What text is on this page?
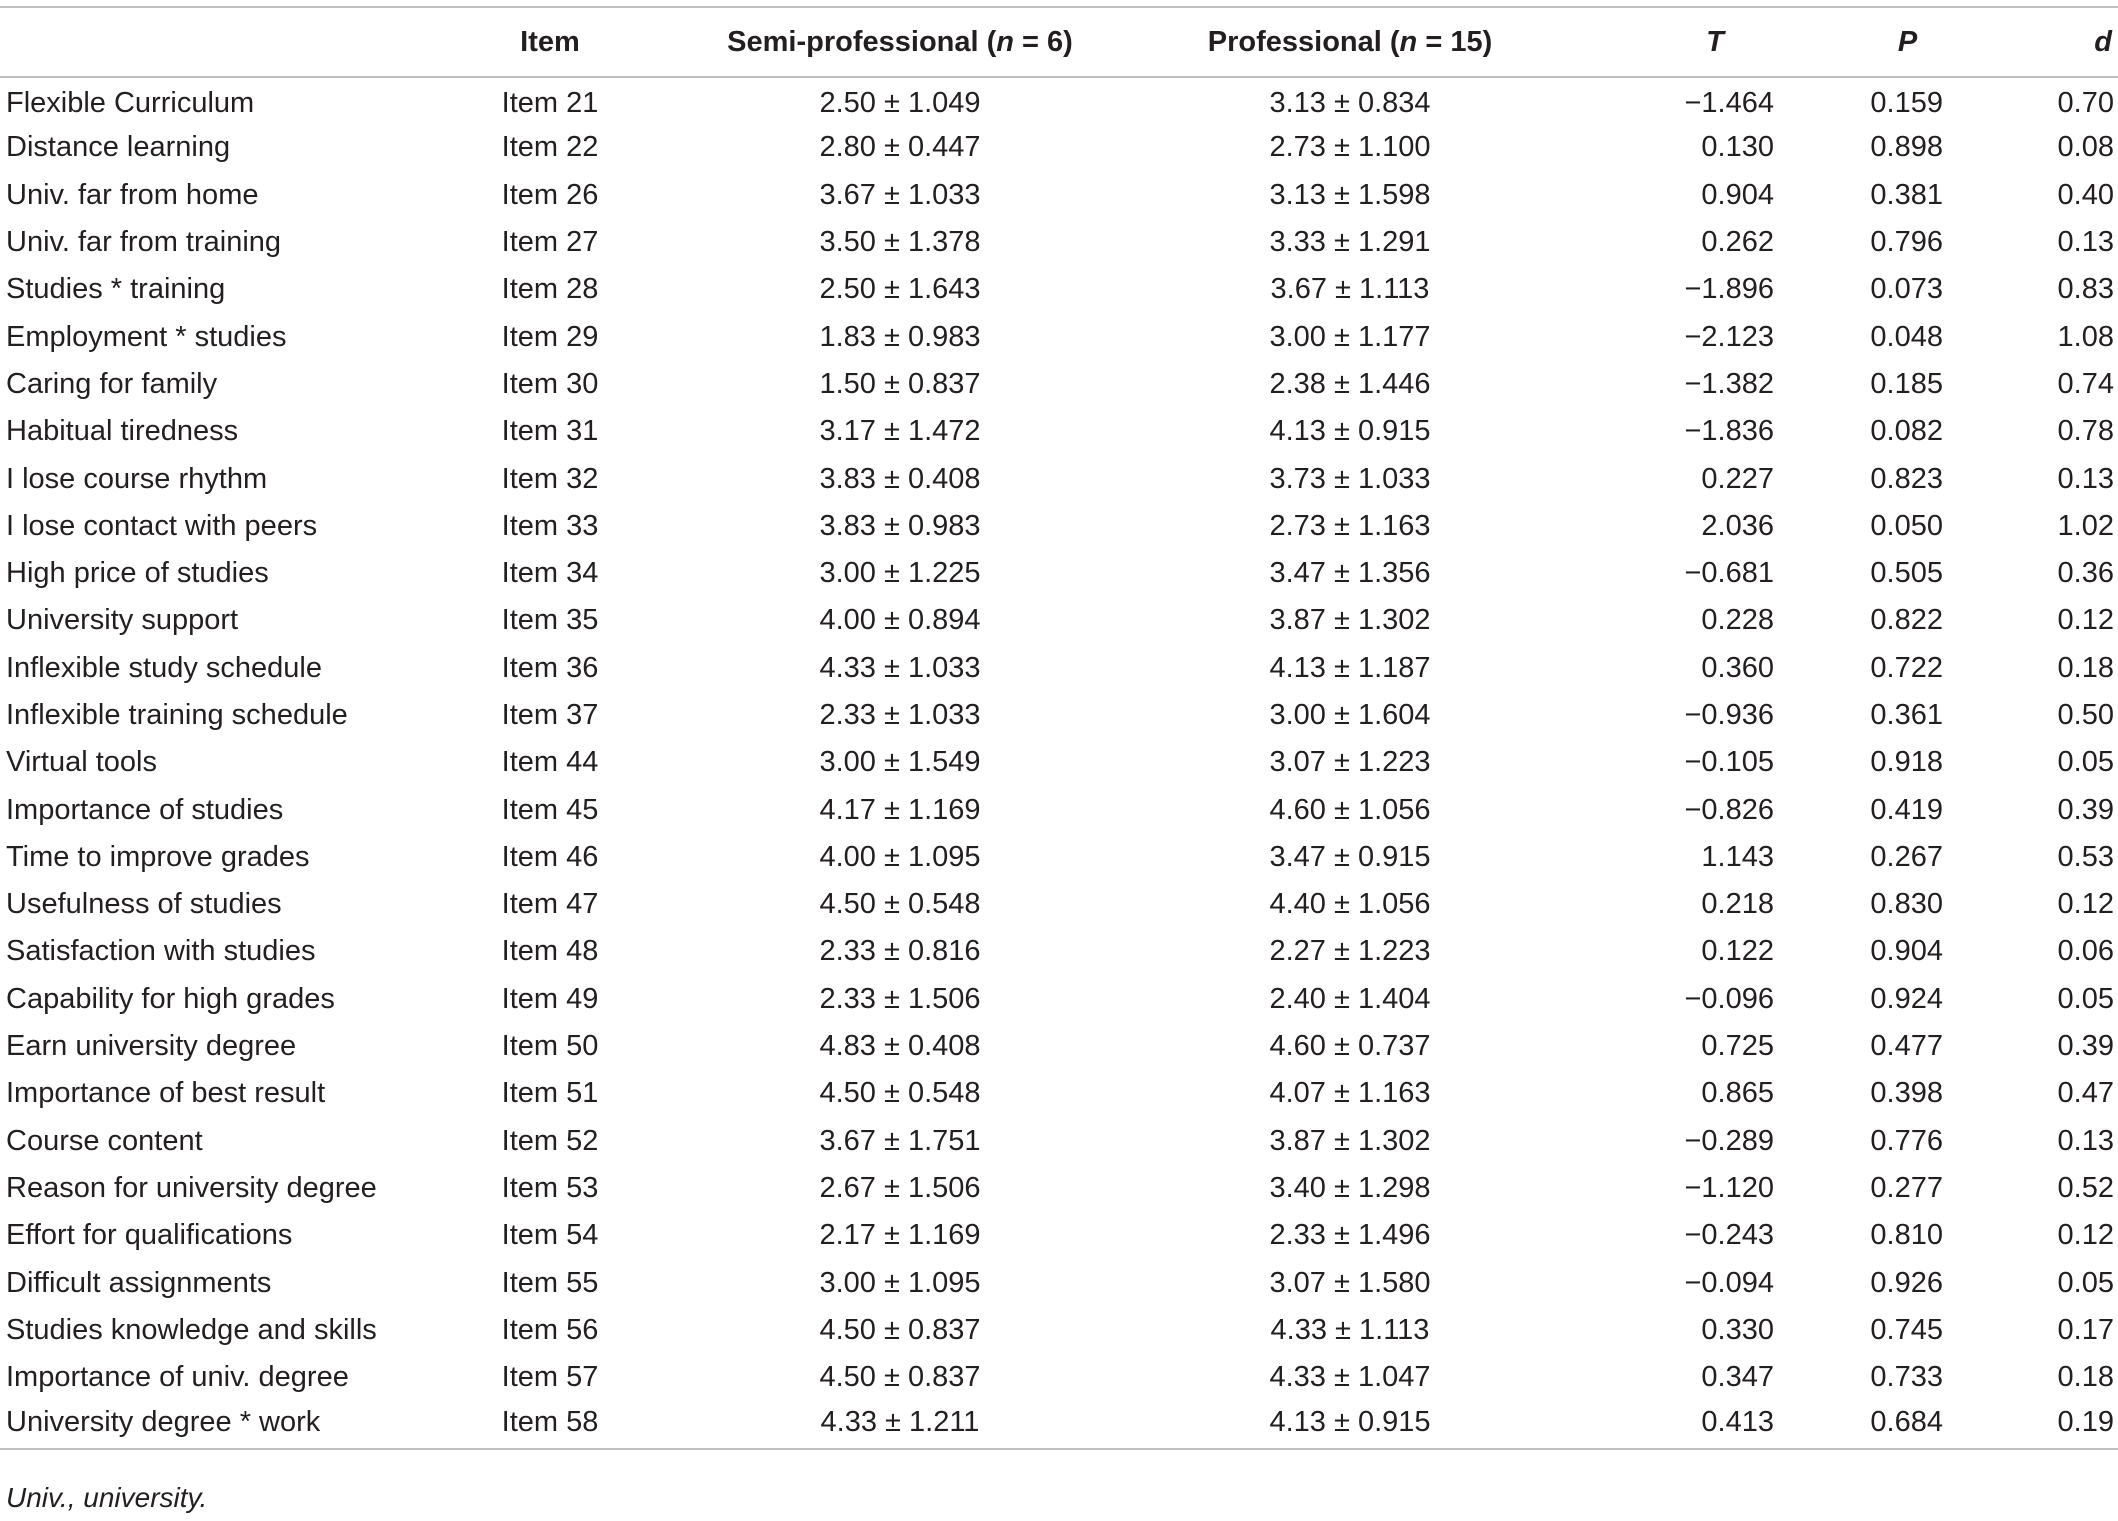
	Item	Semi-professional (n = 6)	Professional (n = 15)	T	P	d
Flexible Curriculum	Item 21	2.50 ± 1.049	3.13 ± 0.834	−1.464	0.159	0.70
Distance learning	Item 22	2.80 ± 0.447	2.73 ± 1.100	0.130	0.898	0.08
Univ. far from home	Item 26	3.67 ± 1.033	3.13 ± 1.598	0.904	0.381	0.40
Univ. far from training	Item 27	3.50 ± 1.378	3.33 ± 1.291	0.262	0.796	0.13
Studies * training	Item 28	2.50 ± 1.643	3.67 ± 1.113	−1.896	0.073	0.83
Employment * studies	Item 29	1.83 ± 0.983	3.00 ± 1.177	−2.123	0.048	1.08
Caring for family	Item 30	1.50 ± 0.837	2.38 ± 1.446	−1.382	0.185	0.74
Habitual tiredness	Item 31	3.17 ± 1.472	4.13 ± 0.915	−1.836	0.082	0.78
I lose course rhythm	Item 32	3.83 ± 0.408	3.73 ± 1.033	0.227	0.823	0.13
I lose contact with peers	Item 33	3.83 ± 0.983	2.73 ± 1.163	2.036	0.050	1.02
High price of studies	Item 34	3.00 ± 1.225	3.47 ± 1.356	−0.681	0.505	0.36
University support	Item 35	4.00 ± 0.894	3.87 ± 1.302	0.228	0.822	0.12
Inflexible study schedule	Item 36	4.33 ± 1.033	4.13 ± 1.187	0.360	0.722	0.18
Inflexible training schedule	Item 37	2.33 ± 1.033	3.00 ± 1.604	−0.936	0.361	0.50
Virtual tools	Item 44	3.00 ± 1.549	3.07 ± 1.223	−0.105	0.918	0.05
Importance of studies	Item 45	4.17 ± 1.169	4.60 ± 1.056	−0.826	0.419	0.39
Time to improve grades	Item 46	4.00 ± 1.095	3.47 ± 0.915	1.143	0.267	0.53
Usefulness of studies	Item 47	4.50 ± 0.548	4.40 ± 1.056	0.218	0.830	0.12
Satisfaction with studies	Item 48	2.33 ± 0.816	2.27 ± 1.223	0.122	0.904	0.06
Capability for high grades	Item 49	2.33 ± 1.506	2.40 ± 1.404	−0.096	0.924	0.05
Earn university degree	Item 50	4.83 ± 0.408	4.60 ± 0.737	0.725	0.477	0.39
Importance of best result	Item 51	4.50 ± 0.548	4.07 ± 1.163	0.865	0.398	0.47
Course content	Item 52	3.67 ± 1.751	3.87 ± 1.302	−0.289	0.776	0.13
Reason for university degree	Item 53	2.67 ± 1.506	3.40 ± 1.298	−1.120	0.277	0.52
Effort for qualifications	Item 54	2.17 ± 1.169	2.33 ± 1.496	−0.243	0.810	0.12
Difficult assignments	Item 55	3.00 ± 1.095	3.07 ± 1.580	−0.094	0.926	0.05
Studies knowledge and skills	Item 56	4.50 ± 0.837	4.33 ± 1.113	0.330	0.745	0.17
Importance of univ. degree	Item 57	4.50 ± 0.837	4.33 ± 1.047	0.347	0.733	0.18
University degree * work	Item 58	4.33 ± 1.211	4.13 ± 0.915	0.413	0.684	0.19
Univ., university.
